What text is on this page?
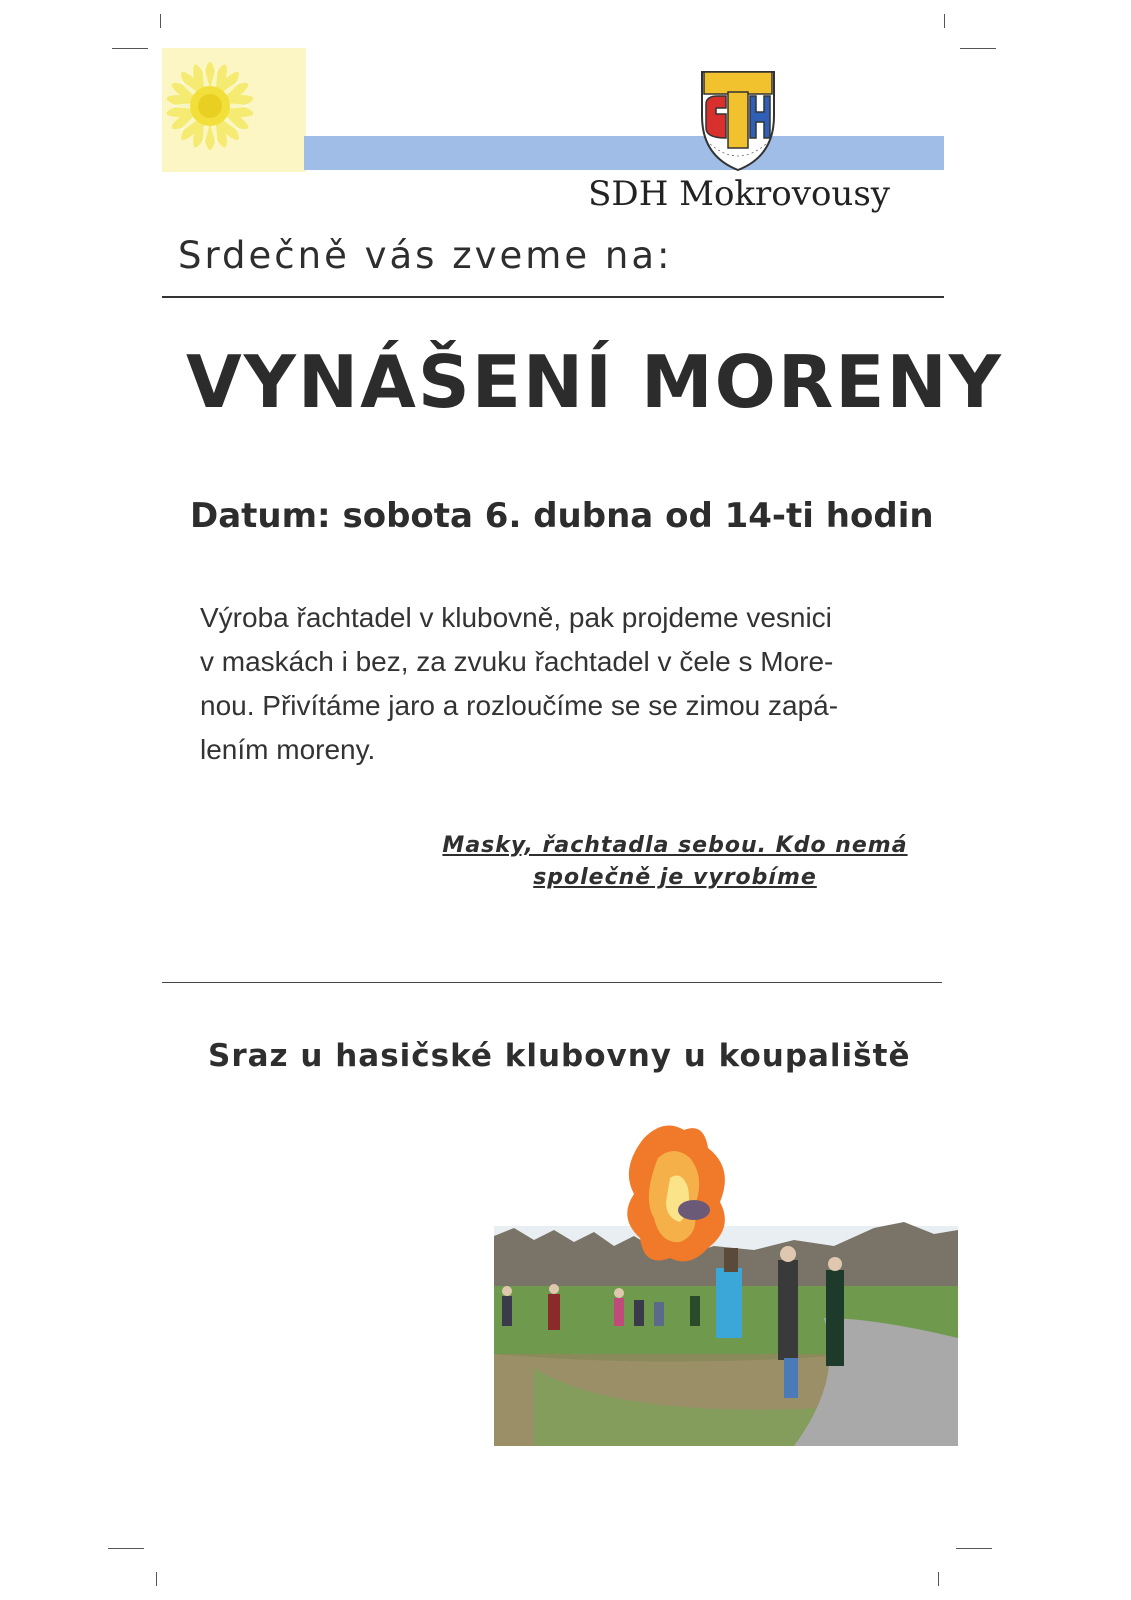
SDH Mokrovousy
Srdečně vás zveme na:
VYNÁŠENÍ MORENY
Datum: sobota 6. dubna od 14-ti hodin
Výroba řachtadel v klubovně, pak projdeme vesnici
v maskách i bez, za zvuku řachtadel v čele s More-
nou. Přivítáme jaro a rozloučíme se se zimou zapá-
lením moreny.
Masky, řachtadla sebou. Kdo nemá
společně je vyrobíme
Sraz u hasičské klubovny u koupaliště
